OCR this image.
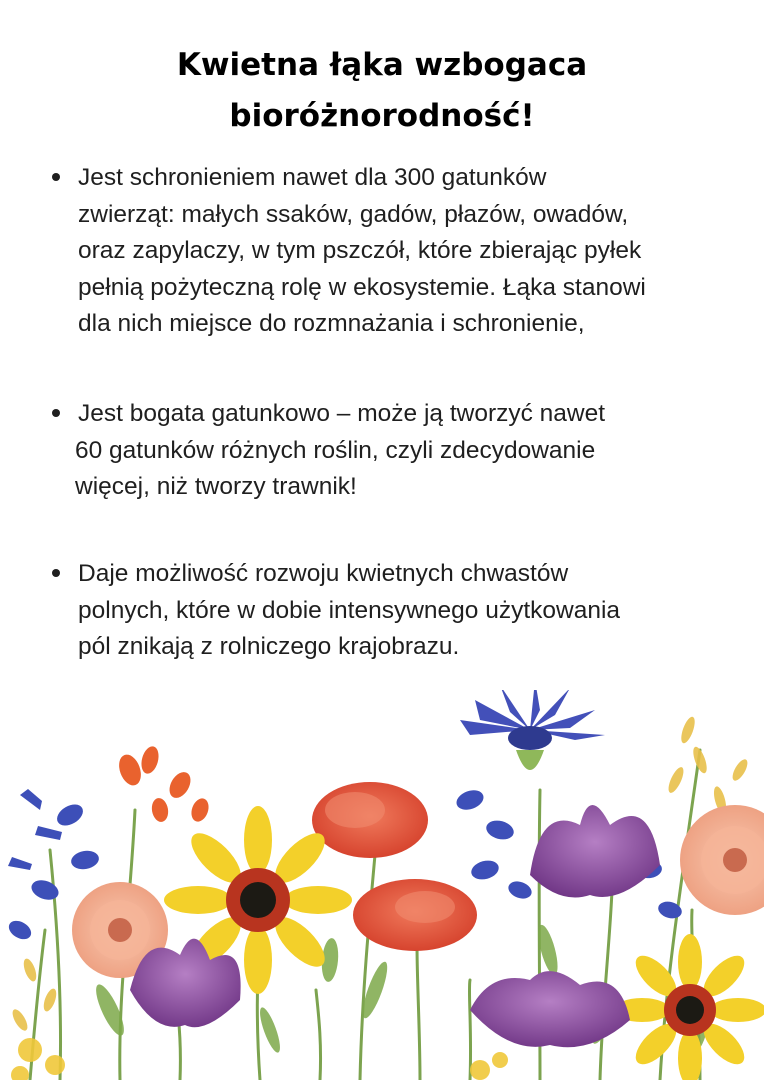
Kwietna łąka wzbogaca
bioróżnorodność!
Jest schronieniem nawet dla 300 gatunków
zwierząt: małych ssaków, gadów, płazów, owadów,
oraz zapylaczy, w tym pszczół, które zbierając pyłek
pełnią pożyteczną rolę w ekosystemie. Łąka stanowi
dla nich miejsce do rozmnażania i schronienie,
Jest bogata gatunkowo – może ją tworzyć nawet
60 gatunków różnych roślin, czyli zdecydowanie
więcej, niż tworzy trawnik!
Daje możliwość rozwoju kwietnych chwastów
polnych, które w dobie intensywnego użytkowania
pól znikają z rolniczego krajobrazu.
